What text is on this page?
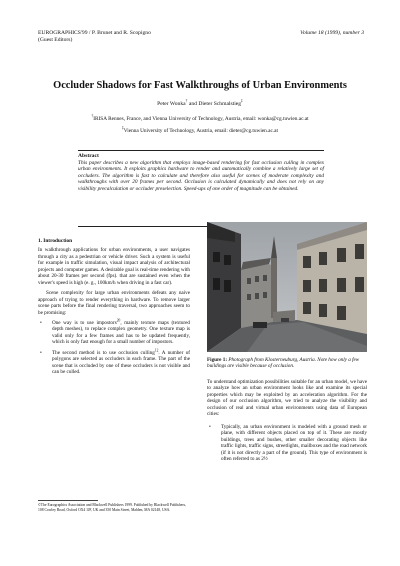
EUROGRAPHICS'99 / P. Brunet and R. Scopigno
(Guest Editors)
Volume 18 (1999), number 3
Occluder Shadows for Fast Walkthroughs of Urban Environments
Peter Wonka† and Dieter Schmalstieg‡
†IRISA Rennes, France, and Vienna University of Technology, Austria, email: wonka@cg.tuwien.ac.at
‡Vienna University of Technology, Austria, email: dieter@cg.tuwien.ac.at
Abstract
This paper describes a new algorithm that employs image-based rendering for fast occlusion culling in complex urban environments. It exploits graphics hardware to render and automatically combine a relatively large set of occluders. The algorithm is fast to calculate and therefore also useful for scenes of moderate complexity and walkthroughs with over 20 frames per second. Occlusion is calculated dynamically and does not rely on any visibility precalculation or occluder preselection. Speed-ups of one order of magnitude can be obtained.
1. Introduction

In walkthrough applications for urban environments, a user navigates through a city as a pedestrian or vehicle driver. Such a system is useful for example in traffic simulation, visual impact analysis of architectural projects and computer games. A desirable goal is real-time rendering with about 20-30 frames per second (fps). that are sustained even when the viewer's speed is high (e. g., 100km/h when driving in a fast car).

Scene complexity for large urban environments defeats any naive approach of trying to render everything in hardware. To remove larger scene parts before the final rendering traversal, two approaches seem to be promising:

• One way is to use impostors$^{20}$, mainly texture maps (textured depth meshes), to replace complex geometry. One texture map is valid only for a few frames and has to be updated frequently, which is only fast enough for a small number of impostors.
• The second method is to use occlusion culling$^{12}$. A number of polygons are selected as occluders in each frame. The part of the scene that is occluded by one of these occluders is not visible and can be culled.
Figure 1: Photograph from Klosterneuburg, Austria. Note how only a few buildings are visible because of occlusion.

To understand optimization possibilities suitable for an urban model, we have to analyze how an urban environment looks like and examine its special properties which may be exploited by an acceleration algorithm. For the design of our occlusion algorithm, we tried to analyze the visibility and occlusion of real and virtual urban environments using data of European cities:

• Typically, an urban environment is modeled with a ground mesh or plane, with different objects placed on top of it. These are mostly buildings, trees and bushes, other smaller decorating objects like traffic lights, traffic signs, streetlights, mailboxes and the road network (if it is not directly a part of the ground). This type of environment is often referred to as 2½
©The Eurographics Association and Blackwell Publishers 1999. Published by Blackwell Publishers, 108 Cowley Road, Oxford OX4 1JF, UK and 350 Main Street, Malden, MA 02148, USA.
